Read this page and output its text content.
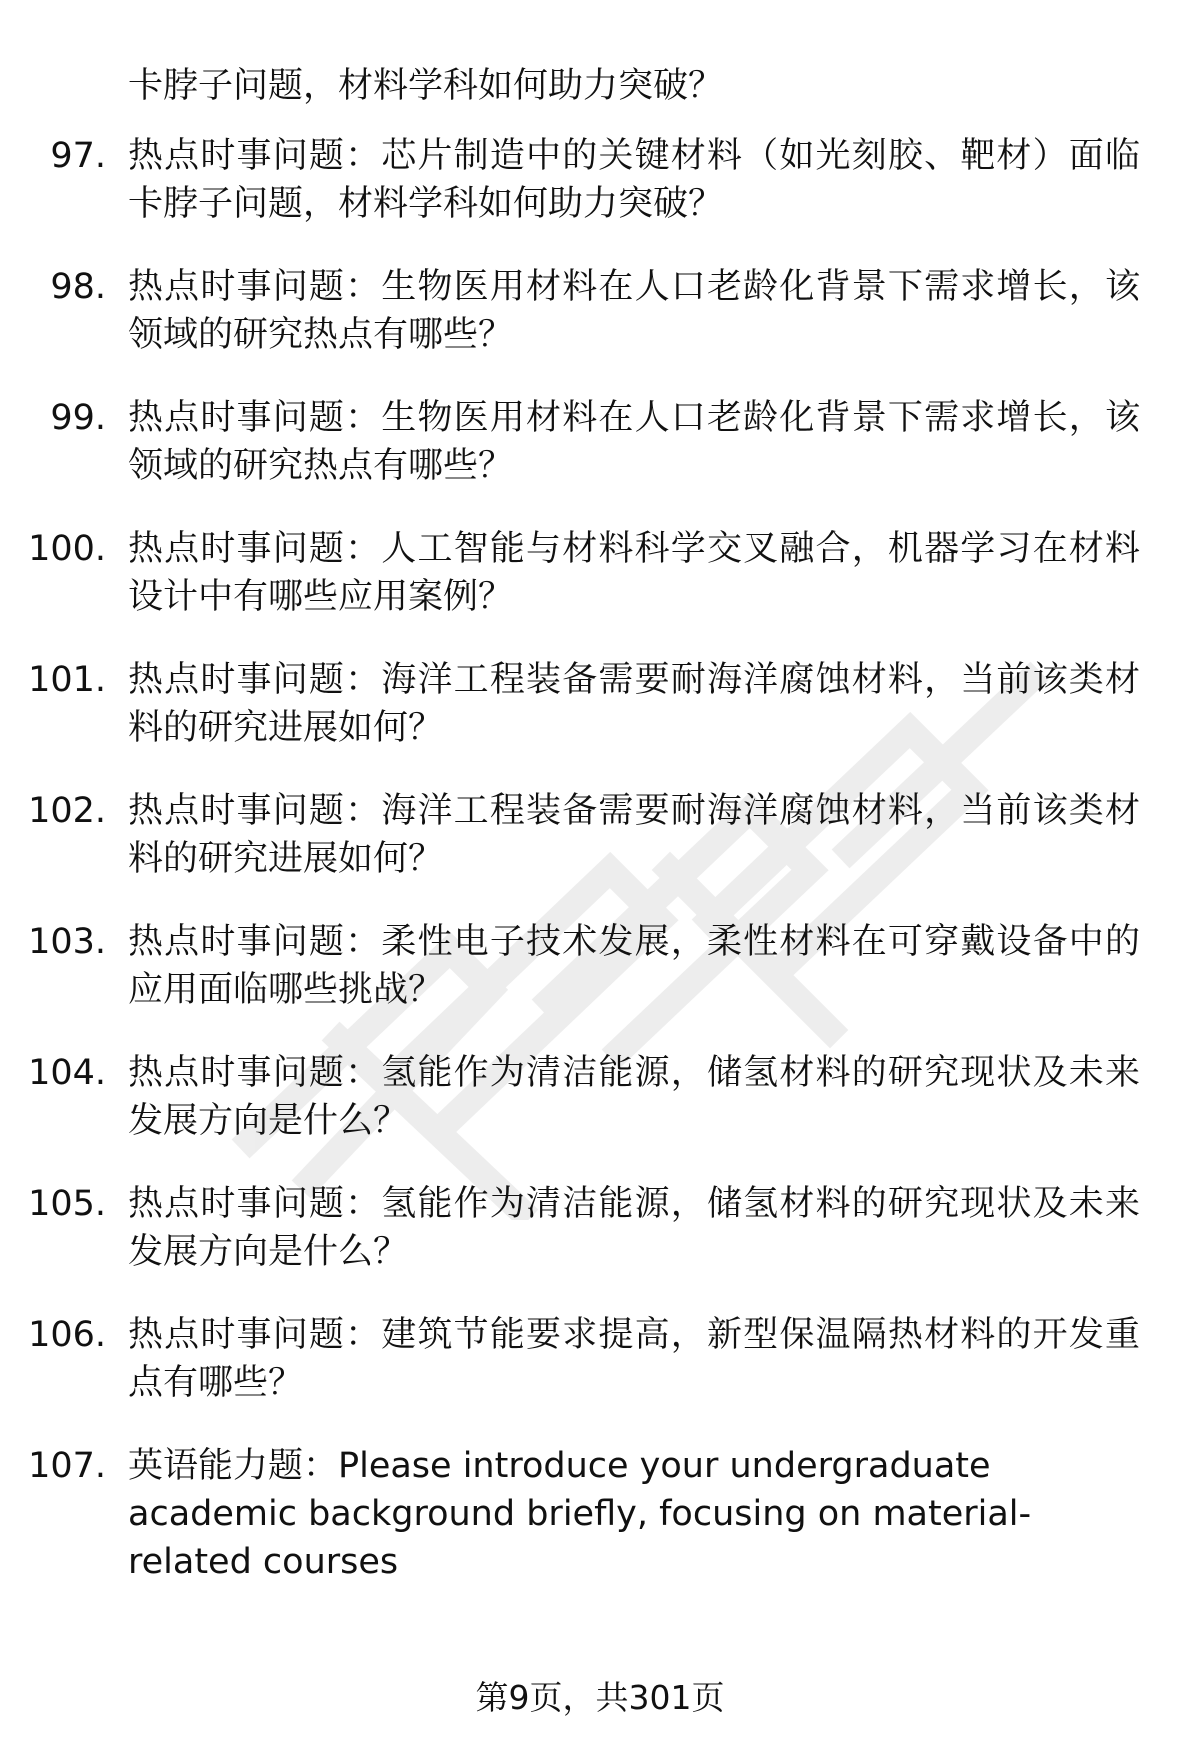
卡脖子问题，材料学科如何助力突破？
97. 热点时事问题：芯片制造中的关键材料（如光刻胶、靶材）面临卡脖子问题，材料学科如何助力突破？
98. 热点时事问题：生物医用材料在人口老龄化背景下需求增长，该领域的研究热点有哪些？
99. 热点时事问题：生物医用材料在人口老龄化背景下需求增长，该领域的研究热点有哪些？
100. 热点时事问题：人工智能与材料科学交叉融合，机器学习在材料设计中有哪些应用案例？
101. 热点时事问题：海洋工程装备需要耐海洋腐蚀材料，当前该类材料的研究进展如何？
102. 热点时事问题：海洋工程装备需要耐海洋腐蚀材料，当前该类材料的研究进展如何？
103. 热点时事问题：柔性电子技术发展，柔性材料在可穿戴设备中的应用面临哪些挑战？
104. 热点时事问题：氢能作为清洁能源，储氢材料的研究现状及未来发展方向是什么？
105. 热点时事问题：氢能作为清洁能源，储氢材料的研究现状及未来发展方向是什么？
106. 热点时事问题：建筑节能要求提高，新型保温隔热材料的开发重点有哪些？
107. 英语能力题：Please introduce your undergraduate academic background briefly, focusing on material-related courses
第9页，共301页
